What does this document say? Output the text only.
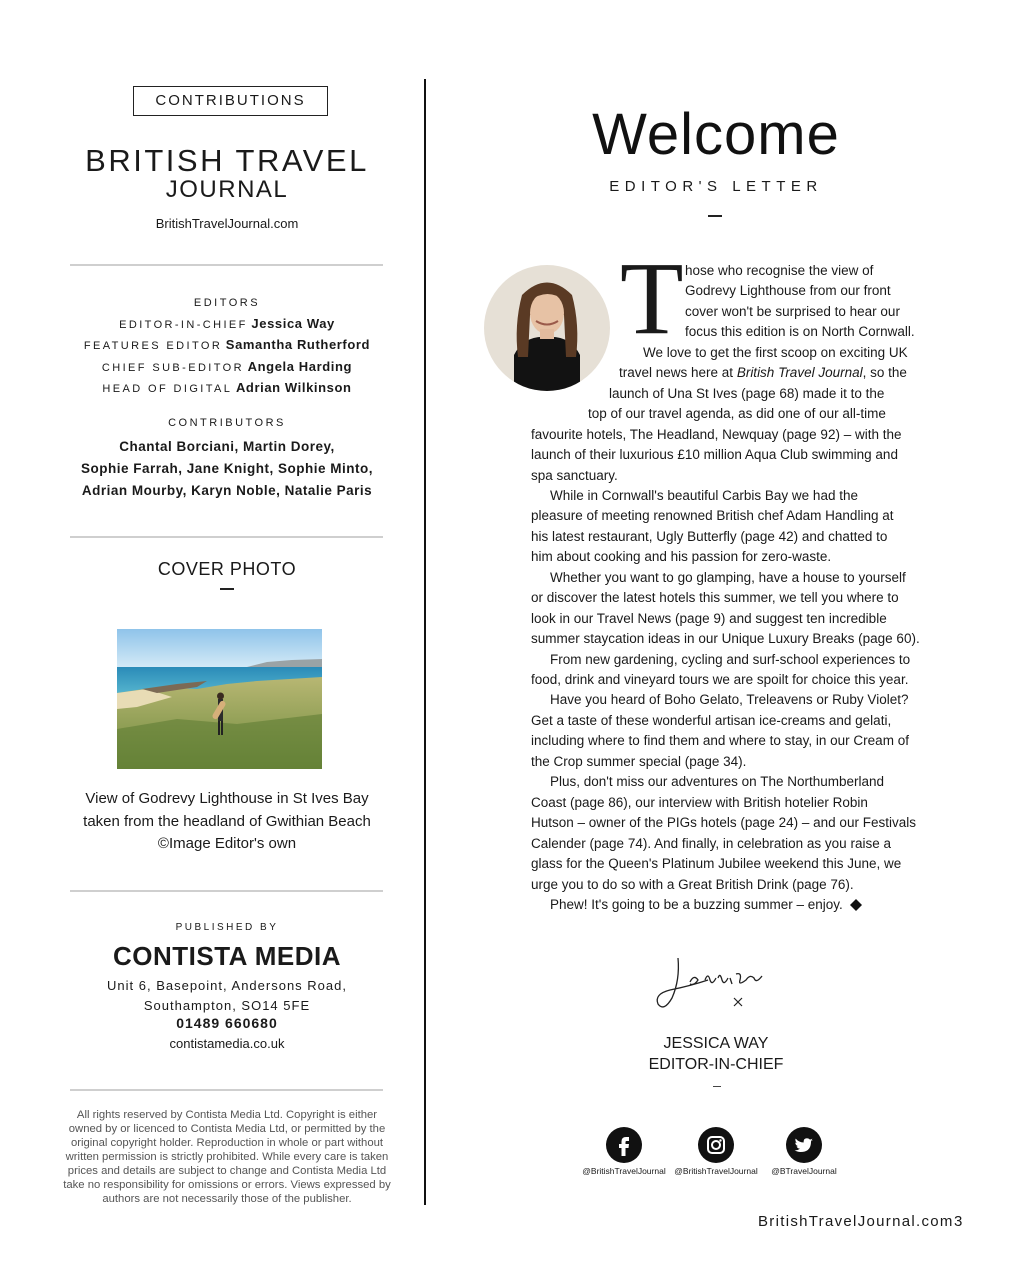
CONTRIBUTIONS
BRITISH TRAVEL
JOURNAL
BritishTravelJournal.com
EDITORS
EDITOR-IN-CHIEF Jessica Way
FEATURES EDITOR Samantha Rutherford
CHIEF SUB-EDITOR Angela Harding
HEAD OF DIGITAL Adrian Wilkinson
CONTRIBUTORS
Chantal Borciani, Martin Dorey,
Sophie Farrah, Jane Knight, Sophie Minto,
Adrian Mourby, Karyn Noble, Natalie Paris
COVER PHOTO
View of Godrevy Lighthouse in St Ives Bay
taken from the headland of Gwithian Beach
©Image Editor's own
PUBLISHED BY
CONTISTA MEDIA
Unit 6, Basepoint, Andersons Road,
Southampton, SO14 5FE
01489 660680
contistamedia.co.uk
All rights reserved by Contista Media Ltd. Copyright is either
owned by or licenced to Contista Media Ltd, or permitted by the
original copyright holder. Reproduction in whole or part without
written permission is strictly prohibited. While every care is taken
prices and details are subject to change and Contista Media Ltd
take no responsibility for omissions or errors. Views expressed by
authors are not necessarily those of the publisher.
Welcome
EDITOR'S LETTER
T hose who recognise the view of
Godrevy Lighthouse from our front
cover won't be surprised to hear our
focus this edition is on North Cornwall.
We love to get the first scoop on exciting UK
travel news here at British Travel Journal, so the
launch of Una St Ives (page 68) made it to the
top of our travel agenda, as did one of our all-time
favourite hotels, The Headland, Newquay (page 92) – with the
launch of their luxurious £10 million Aqua Club swimming and
spa sanctuary.
While in Cornwall's beautiful Carbis Bay we had the
pleasure of meeting renowned British chef Adam Handling at
his latest restaurant, Ugly Butterfly (page 42) and chatted to
him about cooking and his passion for zero-waste.
Whether you want to go glamping, have a house to yourself
or discover the latest hotels this summer, we tell you where to
look in our Travel News (page 9) and suggest ten incredible
summer staycation ideas in our Unique Luxury Breaks (page 60).
From new gardening, cycling and surf-school experiences to
food, drink and vineyard tours we are spoilt for choice this year.
Have you heard of Boho Gelato, Treleavens or Ruby Violet?
Get a taste of these wonderful artisan ice-creams and gelati,
including where to find them and where to stay, in our Cream of
the Crop summer special (page 34).
Plus, don't miss our adventures on The Northumberland
Coast (page 86), our interview with British hotelier Robin
Hutson – owner of the PIGs hotels (page 24) – and our Festivals
Calender (page 74). And finally, in celebration as you raise a
glass for the Queen's Platinum Jubilee weekend this June, we
urge you to do so with a Great British Drink (page 76).
Phew! It's going to be a buzzing summer – enjoy.
Jessica x
JESSICA WAY
EDITOR-IN-CHIEF
@BritishTravelJournal	@BritishTravelJournal	@BTravelJournal
BritishTravelJournal.com 3
